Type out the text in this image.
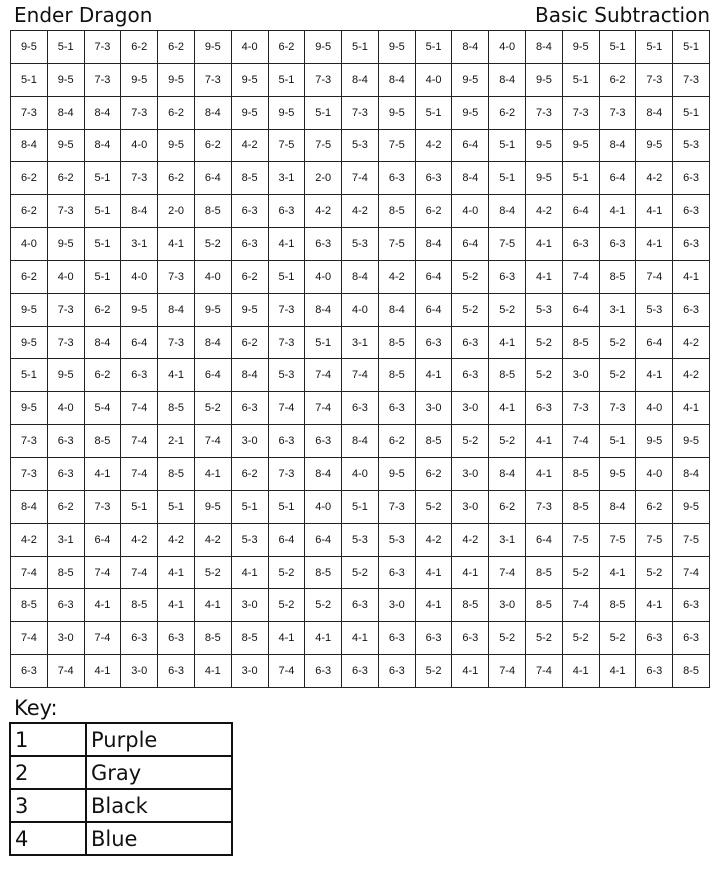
Ender Dragon	Basic Subtraction
9-5	5-1	7-3	6-2	6-2	9-5	4-0	6-2	9-5	5-1	9-5	5-1	8-4	4-0	8-4	9-5	5-1	5-1	5-1
5-1	9-5	7-3	9-5	9-5	7-3	9-5	5-1	7-3	8-4	8-4	4-0	9-5	8-4	9-5	5-1	6-2	7-3	7-3
7-3	8-4	8-4	7-3	6-2	8-4	9-5	9-5	5-1	7-3	9-5	5-1	9-5	6-2	7-3	7-3	7-3	8-4	5-1
8-4	9-5	8-4	4-0	9-5	6-2	4-2	7-5	7-5	5-3	7-5	4-2	6-4	5-1	9-5	9-5	8-4	9-5	5-3
6-2	6-2	5-1	7-3	6-2	6-4	8-5	3-1	2-0	7-4	6-3	6-3	8-4	5-1	9-5	5-1	6-4	4-2	6-3
6-2	7-3	5-1	8-4	2-0	8-5	6-3	6-3	4-2	4-2	8-5	6-2	4-0	8-4	4-2	6-4	4-1	4-1	6-3
4-0	9-5	5-1	3-1	4-1	5-2	6-3	4-1	6-3	5-3	7-5	8-4	6-4	7-5	4-1	6-3	6-3	4-1	6-3
6-2	4-0	5-1	4-0	7-3	4-0	6-2	5-1	4-0	8-4	4-2	6-4	5-2	6-3	4-1	7-4	8-5	7-4	4-1
9-5	7-3	6-2	9-5	8-4	9-5	9-5	7-3	8-4	4-0	8-4	6-4	5-2	5-2	5-3	6-4	3-1	5-3	6-3
9-5	7-3	8-4	6-4	7-3	8-4	6-2	7-3	5-1	3-1	8-5	6-3	6-3	4-1	5-2	8-5	5-2	6-4	4-2
5-1	9-5	6-2	6-3	4-1	6-4	8-4	5-3	7-4	7-4	8-5	4-1	6-3	8-5	5-2	3-0	5-2	4-1	4-2
9-5	4-0	5-4	7-4	8-5	5-2	6-3	7-4	7-4	6-3	6-3	3-0	3-0	4-1	6-3	7-3	7-3	4-0	4-1
7-3	6-3	8-5	7-4	2-1	7-4	3-0	6-3	6-3	8-4	6-2	8-5	5-2	5-2	4-1	7-4	5-1	9-5	9-5
7-3	6-3	4-1	7-4	8-5	4-1	6-2	7-3	8-4	4-0	9-5	6-2	3-0	8-4	4-1	8-5	9-5	4-0	8-4
8-4	6-2	7-3	5-1	5-1	9-5	5-1	5-1	4-0	5-1	7-3	5-2	3-0	6-2	7-3	8-5	8-4	6-2	9-5
4-2	3-1	6-4	4-2	4-2	4-2	5-3	6-4	6-4	5-3	5-3	4-2	4-2	3-1	6-4	7-5	7-5	7-5	7-5
7-4	8-5	7-4	7-4	4-1	5-2	4-1	5-2	8-5	5-2	6-3	4-1	4-1	7-4	8-5	5-2	4-1	5-2	7-4
8-5	6-3	4-1	8-5	4-1	4-1	3-0	5-2	5-2	6-3	3-0	4-1	8-5	3-0	8-5	7-4	8-5	4-1	6-3
7-4	3-0	7-4	6-3	6-3	8-5	8-5	4-1	4-1	4-1	6-3	6-3	6-3	5-2	5-2	5-2	5-2	6-3	6-3
6-3	7-4	4-1	3-0	6-3	4-1	3-0	7-4	6-3	6-3	6-3	5-2	4-1	7-4	7-4	4-1	4-1	6-3	8-5
Key:
1	Purple
2	Gray
3	Black
4	Blue
